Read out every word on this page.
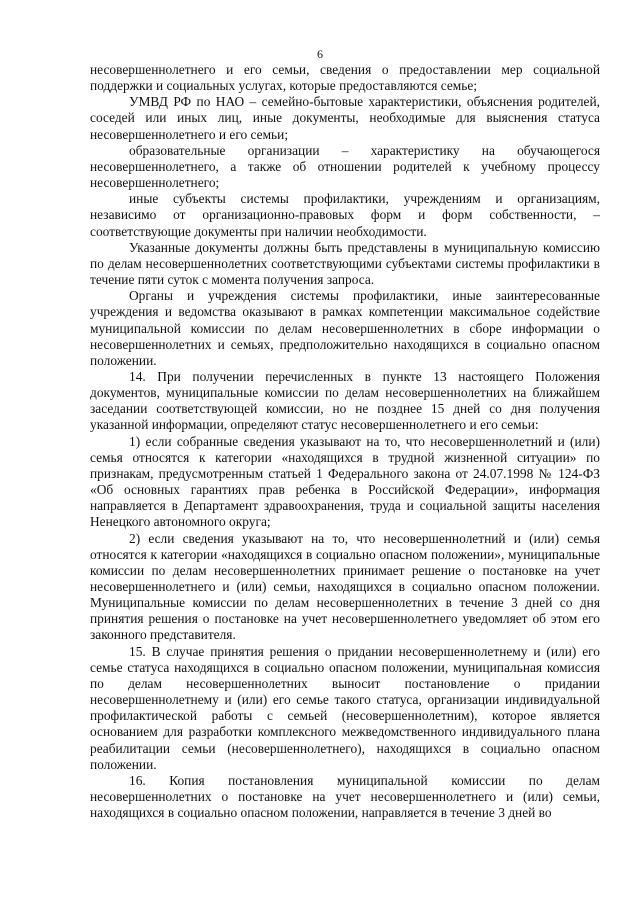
6

несовершеннолетнего и его семьи, сведения о предоставлении мер социальной поддержки и социальных услугах, которые предоставляются семье;

УМВД РФ по НАО – семейно-бытовые характеристики, объяснения родителей, соседей или иных лиц, иные документы, необходимые для выяснения статуса несовершеннолетнего и его семьи;

образовательные организации – характеристику на обучающегося несовершеннолетнего, а также об отношении родителей к учебному процессу несовершеннолетнего;

иные субъекты системы профилактики, учреждениям и организациям, независимо от организационно-правовых форм и форм собственности, – соответствующие документы при наличии необходимости.

Указанные документы должны быть представлены в муниципальную комиссию по делам несовершеннолетних соответствующими субъектами системы профилактики в течение пяти суток с момента получения запроса.

Органы и учреждения системы профилактики, иные заинтересованные учреждения и ведомства оказывают в рамках компетенции максимальное содействие муниципальной комиссии по делам несовершеннолетних в сборе информации о несовершеннолетних и семьях, предположительно находящихся в социально опасном положении.

14. При получении перечисленных в пункте 13 настоящего Положения документов, муниципальные комиссии по делам несовершеннолетних на ближайшем заседании соответствующей комиссии, но не позднее 15 дней со дня получения указанной информации, определяют статус несовершеннолетнего и его семьи:

1) если собранные сведения указывают на то, что несовершеннолетний и (или) семья относятся к категории «находящихся в трудной жизненной ситуации» по признакам, предусмотренным статьей 1 Федерального закона от 24.07.1998 № 124-ФЗ «Об основных гарантиях прав ребенка в Российской Федерации», информация направляется в Департамент здравоохранения, труда и социальной защиты населения Ненецкого автономного округа;

2) если сведения указывают на то, что несовершеннолетний и (или) семья относятся к категории «находящихся в социально опасном положении», муниципальные комиссии по делам несовершеннолетних принимает решение о постановке на учет несовершеннолетнего и (или) семьи, находящихся в социально опасном положении. Муниципальные комиссии по делам несовершеннолетних в течение 3 дней со дня принятия решения о постановке на учет несовершеннолетнего уведомляет об этом его законного представителя.

15. В случае принятия решения о придании несовершеннолетнему и (или) его семье статуса находящихся в социально опасном положении, муниципальная комиссия по делам несовершеннолетних выносит постановление о придании несовершеннолетнему и (или) его семье такого статуса, организации индивидуальной профилактической работы с семьей (несовершеннолетним), которое является основанием для разработки комплексного межведомственного индивидуального плана реабилитации семьи (несовершеннолетнего), находящихся в социально опасном положении.

16. Копия постановления муниципальной комиссии по делам несовершеннолетних о постановке на учет несовершеннолетнего и (или) семьи, находящихся в социально опасном положении, направляется в течение 3 дней во
